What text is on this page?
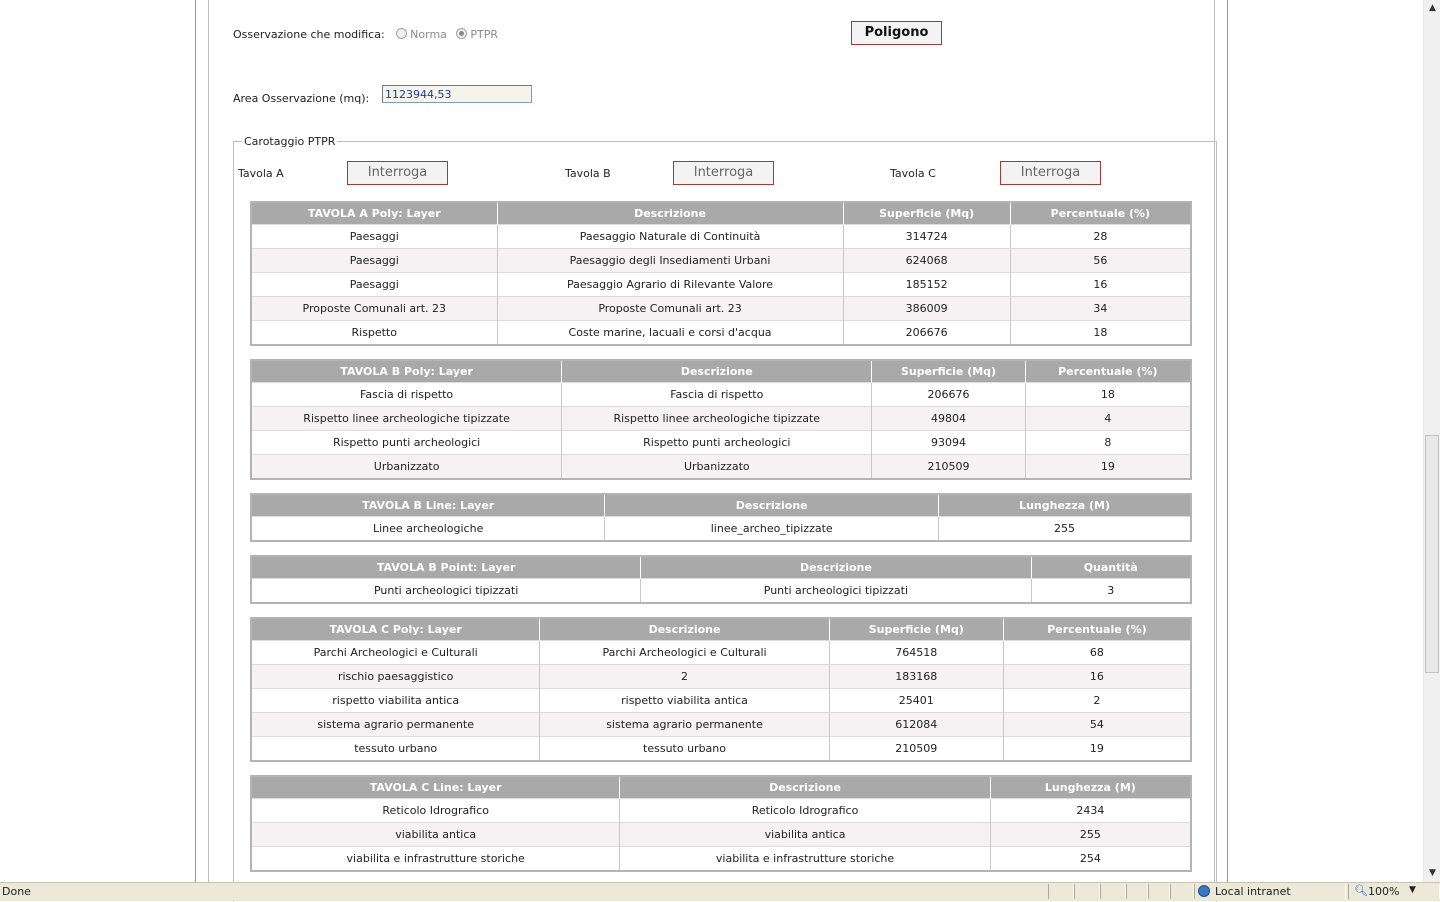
Osservazione che modifica: Norma PTPR	Poligono
Area Osservazione (mq): 1123944,53
Carotaggio PTPR
Tavola A	Interroga	Tavola B	Interroga	Tavola C	Interroga
TAVOLA A Poly: Layer	Descrizione	Superficie (Mq)	Percentuale (%)
Paesaggi	Paesaggio Naturale di Continuità	314724	28
Paesaggi	Paesaggio degli Insediamenti Urbani	624068	56
Paesaggi	Paesaggio Agrario di Rilevante Valore	185152	16
Proposte Comunali art. 23	Proposte Comunali art. 23	386009	34
Rispetto	Coste marine, lacuali e corsi d'acqua	206676	18
TAVOLA B Poly: Layer	Descrizione	Superficie (Mq)	Percentuale (%)
Fascia di rispetto	Fascia di rispetto	206676	18
Rispetto linee archeologiche tipizzate	Rispetto linee archeologiche tipizzate	49804	4
Rispetto punti archeologici	Rispetto punti archeologici	93094	8
Urbanizzato	Urbanizzato	210509	19
TAVOLA B Line: Layer	Descrizione	Lunghezza (M)
Linee archeologiche	linee_archeo_tipizzate	255
TAVOLA B Point: Layer	Descrizione	Quantità
Punti archeologici tipizzati	Punti archeologici tipizzati	3
TAVOLA C Poly: Layer	Descrizione	Superficie (Mq)	Percentuale (%)
Parchi Archeologici e Culturali	Parchi Archeologici e Culturali	764518	68
rischio paesaggistico	2	183168	16
rispetto viabilita antica	rispetto viabilita antica	25401	2
sistema agrario permanente	sistema agrario permanente	612084	54
tessuto urbano	tessuto urbano	210509	19
TAVOLA C Line: Layer	Descrizione	Lunghezza (M)
Reticolo Idrografico	Reticolo Idrografico	2434
viabilita antica	viabilita antica	255
viabilita e infrastrutture storiche	viabilita e infrastrutture storiche	254
▲
▼
Done	Local intranet	🔍︎ 100% ▼
